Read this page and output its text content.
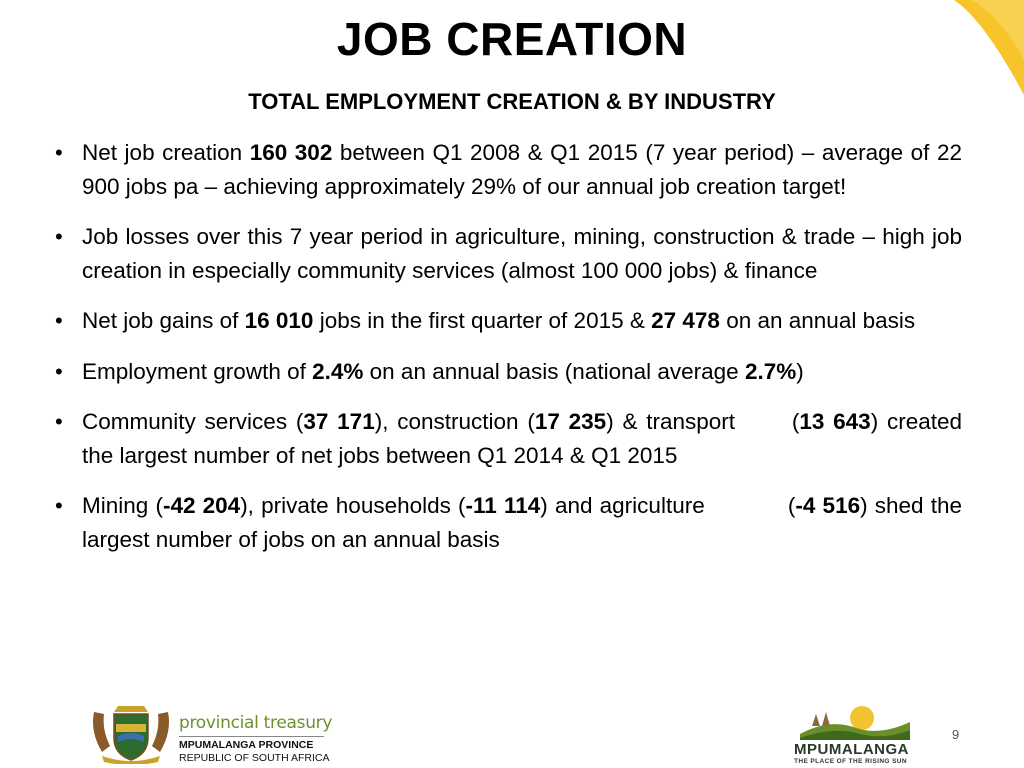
JOB CREATION
TOTAL EMPLOYMENT CREATION & BY INDUSTRY
• Net job creation 160 302 between Q1 2008 & Q1 2015 (7 year period) – average of 22 900 jobs pa – achieving approximately 29% of our annual job creation target!
• Job losses over this 7 year period in agriculture, mining, construction & trade – high job creation in especially community services (almost 100 000 jobs) & finance
• Net job gains of 16 010 jobs in the first quarter of 2015 & 27 478 on an annual basis
• Employment growth of 2.4% on an annual basis (national average 2.7%)
• Community services (37 171), construction (17 235) & transport (13 643) created the largest number of net jobs between Q1 2014 & Q1 2015
• Mining (-42 204), private households (-11 114) and agriculture	(-4 516) shed the largest number of jobs on an annual basis
provincial treasury
MPUMALANGA PROVINCE
REPUBLIC OF SOUTH AFRICA
9
MPUMALANGA
THE PLACE OF THE RISING SUN
